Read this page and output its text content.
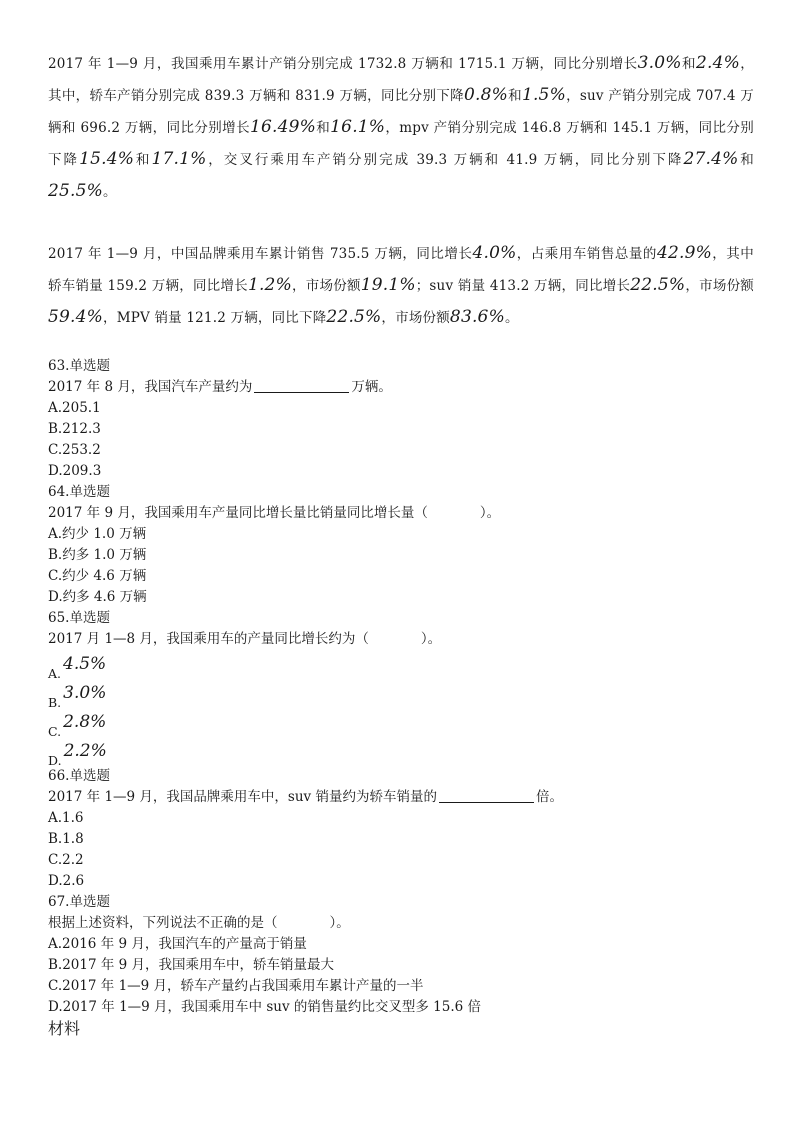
2017 年 1—9 月，我国乘用车累计产销分别完成 1732.8 万辆和 1715.1 万辆，同比分别增长3.0%和2.4%，其中，轿车产销分别完成 839.3 万辆和 831.9 万辆，同比分别下降0.8%和1.5%，suv 产销分别完成 707.4 万辆和 696.2 万辆，同比分别增长16.49%和16.1%，mpv 产销分别完成 146.8 万辆和 145.1 万辆，同比分别下降15.4%和17.1%，交叉行乘用车产销分别完成 39.3 万辆和 41.9 万辆，同比分别下降27.4%和25.5%。
2017 年 1—9 月，中国品牌乘用车累计销售 735.5 万辆，同比增长4.0%，占乘用车销售总量的42.9%，其中轿车销量 159.2 万辆，同比增长1.2%，市场份额19.1%；suv 销量 413.2 万辆，同比增长22.5%，市场份额59.4%，MPV 销量 121.2 万辆，同比下降22.5%，市场份额83.6%。
63.单选题
2017 年 8 月，我国汽车产量约为	万辆。
A.205.1
B.212.3
C.253.2
D.209.3
64.单选题
2017 年 9 月，我国乘用车产量同比增长量比销量同比增长量（	）。
A.约少 1.0 万辆
B.约多 1.0 万辆
C.约少 4.6 万辆
D.约多 4.6 万辆
65.单选题
2017 月 1—8 月，我国乘用车的产量同比增长约为（	）。
A. 4.5%
B. 3.0%
C. 2.8%
D. 2.2%
66.单选题
2017 年 1—9 月，我国品牌乘用车中，suv 销量约为轿车销量的	倍。
A.1.6
B.1.8
C.2.2
D.2.6
67.单选题
根据上述资料，下列说法不正确的是（	）。
A.2016 年 9 月，我国汽车的产量高于销量
B.2017 年 9 月，我国乘用车中，轿车销量最大
C.2017 年 1—9 月，轿车产量约占我国乘用车累计产量的一半
D.2017 年 1—9 月，我国乘用车中 suv 的销售量约比交叉型多 15.6 倍
材料
